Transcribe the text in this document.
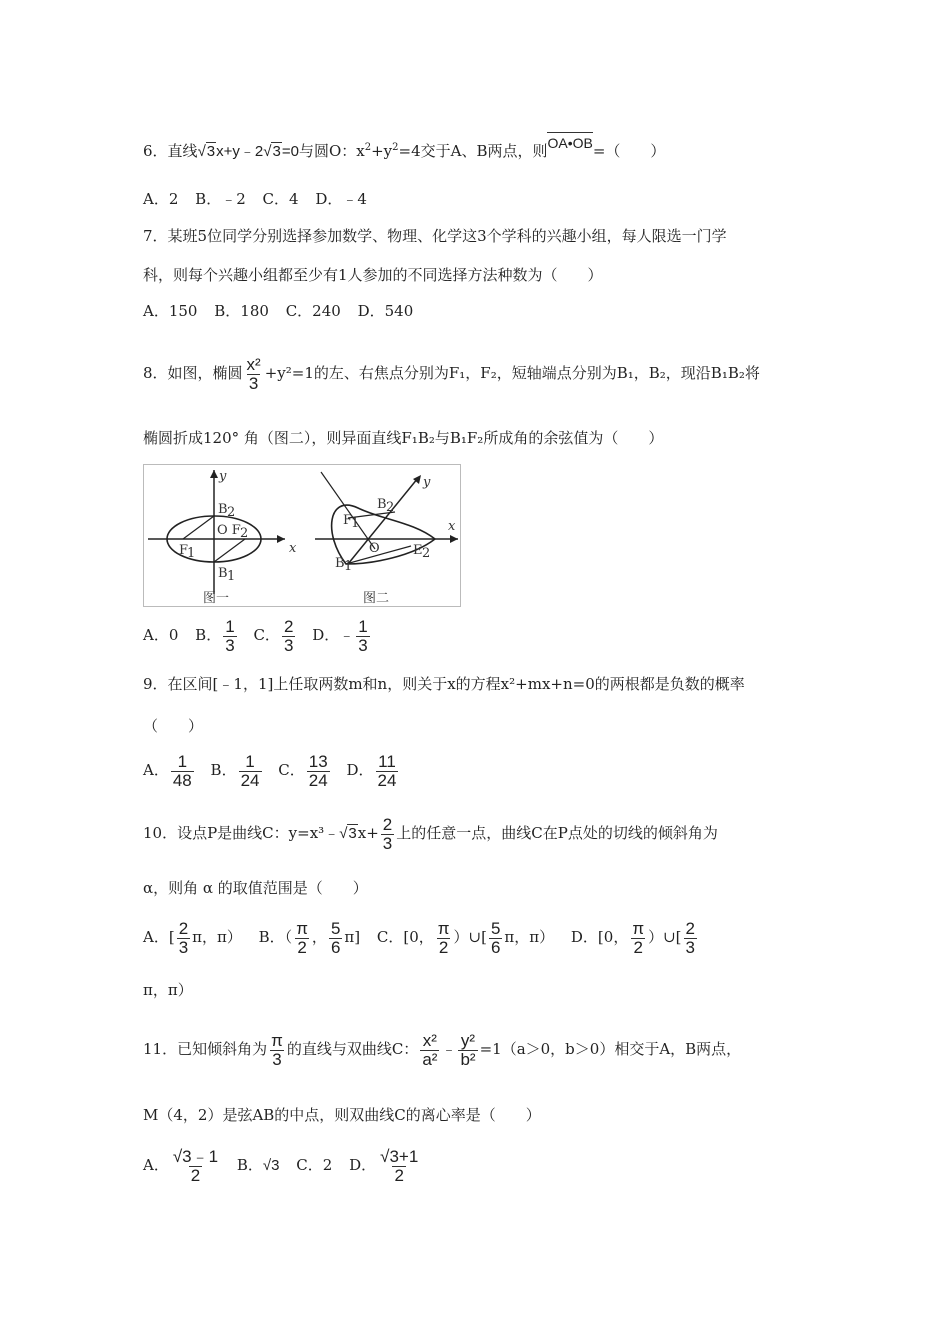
6．直线√3x+y﹣2√3=0与圆O：$x^2+y^2=4$交于A、B两点，则OA•OB=（　　）
A．2 B．﹣2 C．4 D．﹣4
7．某班5位同学分别选择参加数学、物理、化学这3个学科的兴趣小组，每人限选一门学
科，则每个兴趣小组都至少有1人参加的不同选择方法种数为（　　）
A．150 B．180 C．240 D．540
8．如图，椭圆 $\frac{\text{x²}}{3} +y^2=1$的左、右焦点分别为F₁，F₂，短轴端点分别为B₁，B₂，现沿B₁B₂将
椭圆折成120° 角（图二），则异面直线F₁B₂与B₁F₂所成角的余弦值为（　　）
y
x
B 2
O F 2
F
1
B 1
图一
y
x
B 2
F
1
O	E 2
B 1
图二
A．0 B． $\frac{1}{3}$ C． $\frac{2}{3}$ D．﹣ $\frac{1}{3}$
9．在区间[﹣1，1]上任取两数m和n，则关于x的方程x²+mx+n=0的两根都是负数的概率
（　　）
A． $\frac{1}{48}$ B． $\frac{1}{24}$ C． $\frac{13}{24}$ D． $\frac{11}{24}$
10．设点P是曲线C：y=x³﹣√3x+ $\frac{2}{3}$ 上的任意一点，曲线C在P点处的切线的倾斜角为
α，则角 α 的取值范围是（　　）
A．[ $\frac{2}{3}$ π，π） B．（ $\frac{\pi}{2}$ ， $\frac{5}{6} \pi$] C．[0， $\frac{\pi}{2}$ ）∪[ $\frac{5}{6}$ π，π） D．[0， $\frac{\pi}{2}$ ）∪[ $\frac{2}{3}$
π，π）
11．已知倾斜角为 $\frac{\pi}{3}$ 的直线与双曲线C： $\frac{\text{x²}}{\text{a²}}$ ﹣ $\frac{\text{y²}}{\text{b²}} =1(a>0$，b＞0）相交于A，B两点，
M（4，2）是弦AB的中点，则双曲线C的离心率是（　　）
A． $\frac{√3﹣1}{2}$ B．√3 C．2 D． $\frac{√3+1}{2}$
